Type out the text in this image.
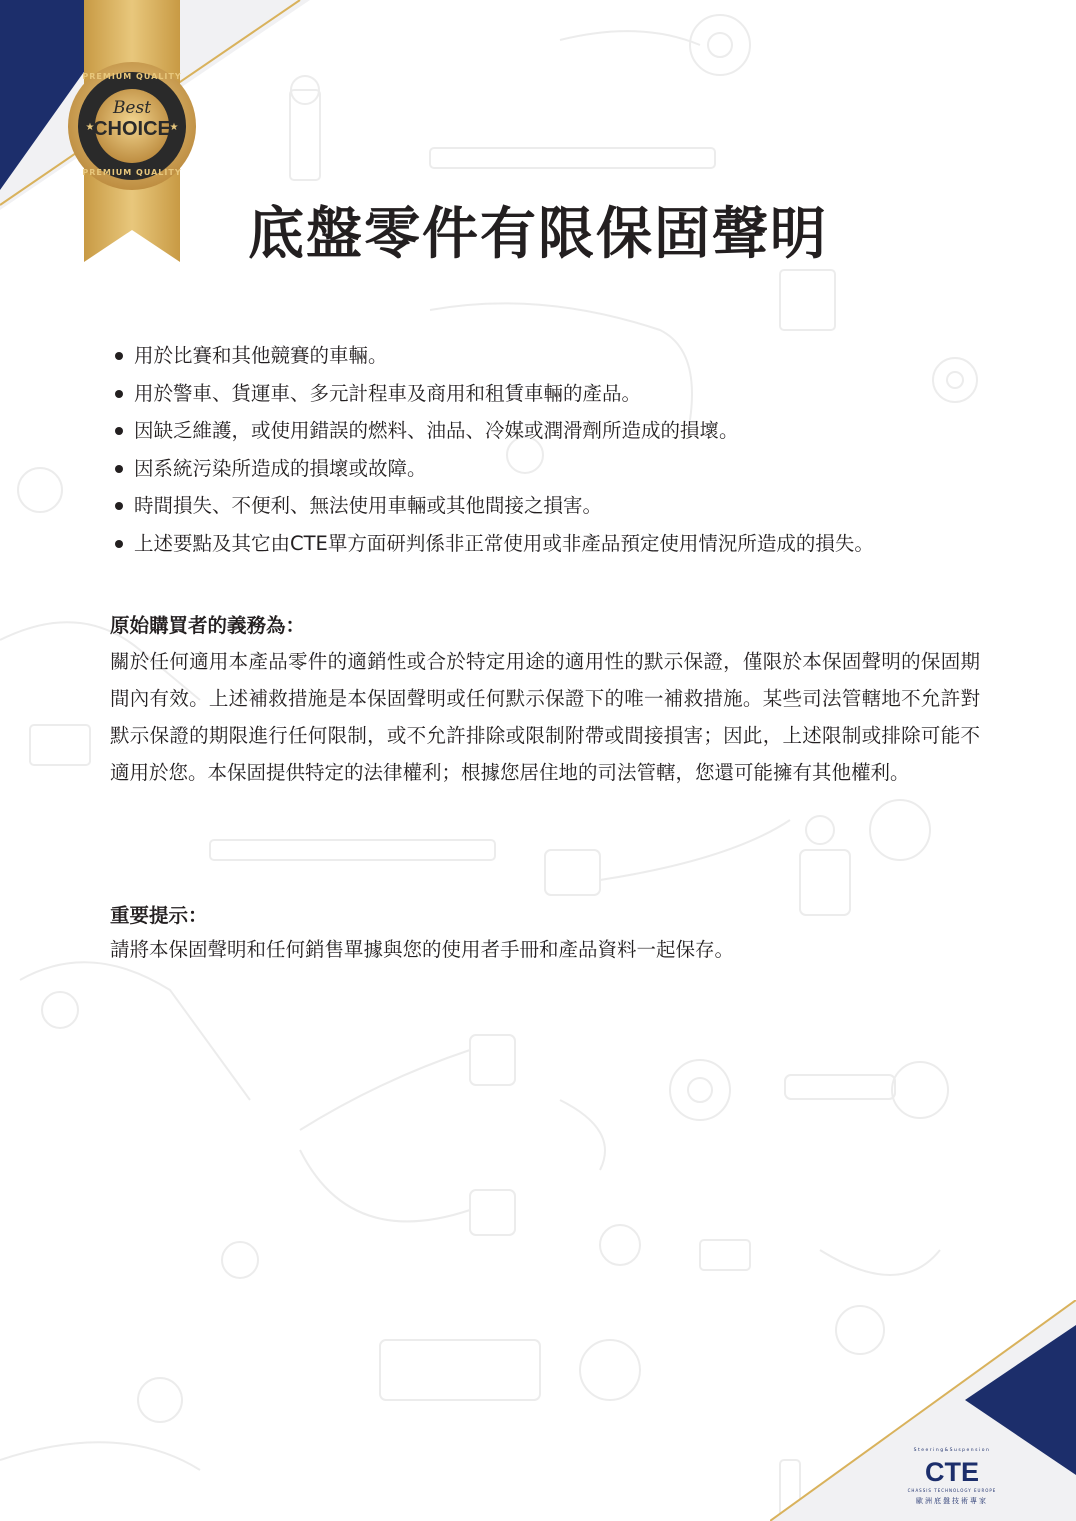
★	★
PREMIUM QUALITY
Best
CHOICE
PREMIUM QUALITY
底盤零件有限保固聲明
用於比賽和其他競賽的車輛。
用於警車、貨運車、多元計程車及商用和租賃車輛的產品。
因缺乏維護，或使用錯誤的燃料、油品、冷媒或潤滑劑所造成的損壞。
因系統污染所造成的損壞或故障。
時間損失、不便利、無法使用車輛或其他間接之損害。
上述要點及其它由CTE單方面研判係非正常使用或非產品預定使用情況所造成的損失。
原始購買者的義務為：
關於任何適用本產品零件的適銷性或合於特定用途的適用性的默示保證，僅限於本保固聲明的保固期間內有效。上述補救措施是本保固聲明或任何默示保證下的唯一補救措施。某些司法管轄地不允許對默示保證的期限進行任何限制，或不允許排除或限制附帶或間接損害；因此，上述限制或排除可能不適用於您。本保固提供特定的法律權利；根據您居住地的司法管轄，您還可能擁有其他權利。
重要提示：
請將本保固聲明和任何銷售單據與您的使用者手冊和產品資料一起保存。
Steering&Suspension
CTE
CHASSIS TECHNOLOGY EUROPE
歐洲底盤技術專家
